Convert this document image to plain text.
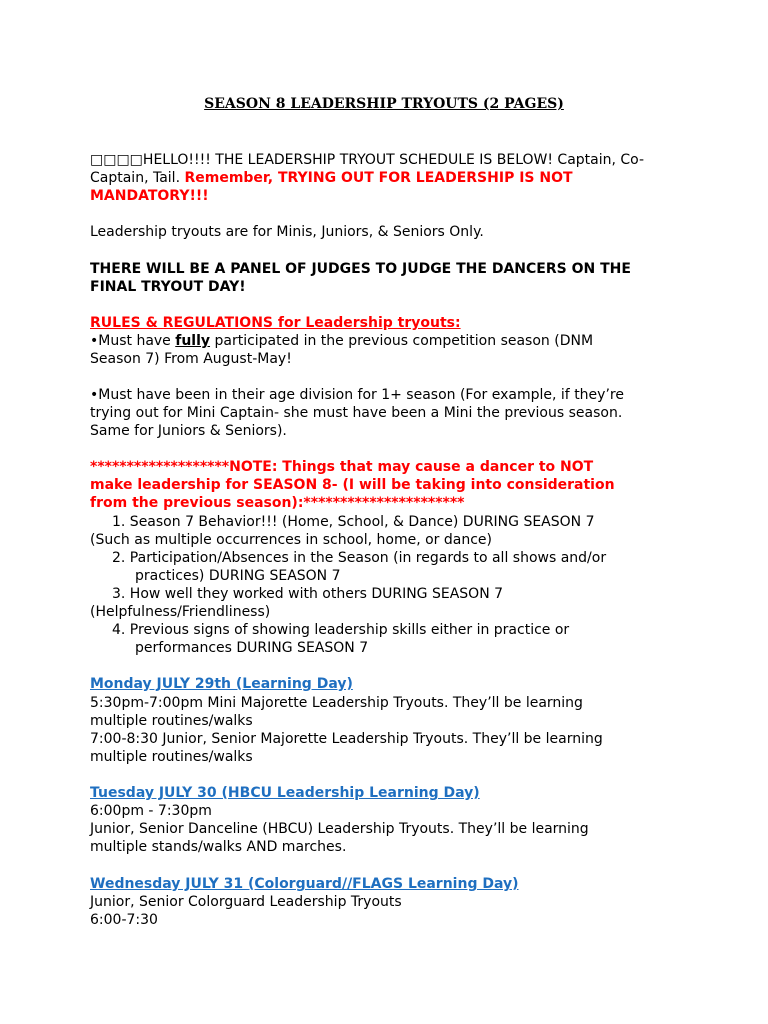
SEASON 8 LEADERSHIP TRYOUTS (2 PAGES)
□□□□HELLO!!!! THE LEADERSHIP TRYOUT SCHEDULE IS BELOW! Captain, Co-
Captain, Tail. Remember, TRYING OUT FOR LEADERSHIP IS NOT
MANDATORY!!!
Leadership tryouts are for Minis, Juniors, & Seniors Only.
THERE WILL BE A PANEL OF JUDGES TO JUDGE THE DANCERS ON THE
FINAL TRYOUT DAY!
RULES & REGULATIONS for Leadership tryouts:
•Must have fully participated in the previous competition season (DNM
Season 7) From August-May!
•Must have been in their age division for 1+ season (For example, if they’re
trying out for Mini Captain- she must have been a Mini the previous season.
Same for Juniors & Seniors).
*******************NOTE: Things that may cause a dancer to NOT
make leadership for SEASON 8- (I will be taking into consideration
from the previous season):**********************
1. Season 7 Behavior!!! (Home, School, & Dance) DURING SEASON 7
(Such as multiple occurrences in school, home, or dance)
2. Participation/Absences in the Season (in regards to all shows and/or
practices) DURING SEASON 7
3. How well they worked with others DURING SEASON 7
(Helpfulness/Friendliness)
4. Previous signs of showing leadership skills either in practice or
performances DURING SEASON 7
Monday JULY 29th (Learning Day)
5:30pm-7:00pm Mini Majorette Leadership Tryouts. They’ll be learning
multiple routines/walks
7:00-8:30 Junior, Senior Majorette Leadership Tryouts. They’ll be learning
multiple routines/walks
Tuesday JULY 30 (HBCU Leadership Learning Day)
6:00pm - 7:30pm
Junior, Senior Danceline (HBCU) Leadership Tryouts. They’ll be learning
multiple stands/walks AND marches.
Wednesday JULY 31 (Colorguard//FLAGS Learning Day)
Junior, Senior Colorguard Leadership Tryouts
6:00-7:30
